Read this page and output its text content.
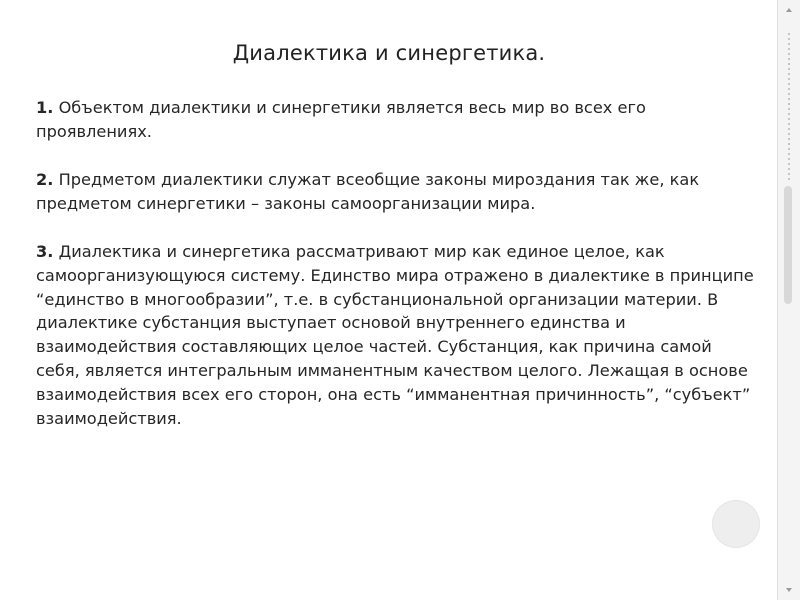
Диалектика и синергетика.

1. Объектом диалектики и синергетики является весь мир во всех его проявлениях.

2. Предметом диалектики служат всеобщие законы мироздания так же, как предметом синергетики – законы самоорганизации мира.

3. Диалектика и синергетика рассматривают мир как единое целое, как самоорганизующуюся систему. Единство мира отражено в диалектике в принципе “единство в многообразии”, т.е. в субстанциональной организации материи. В диалектике субстанция выступает основой внутреннего единства и взаимодействия составляющих целое частей. Субстанция, как причина самой себя, является интегральным имманентным качеством целого. Лежащая в основе взаимодействия всех его сторон, она есть “имманентная причинность”, “субъект” взаимодействия.
